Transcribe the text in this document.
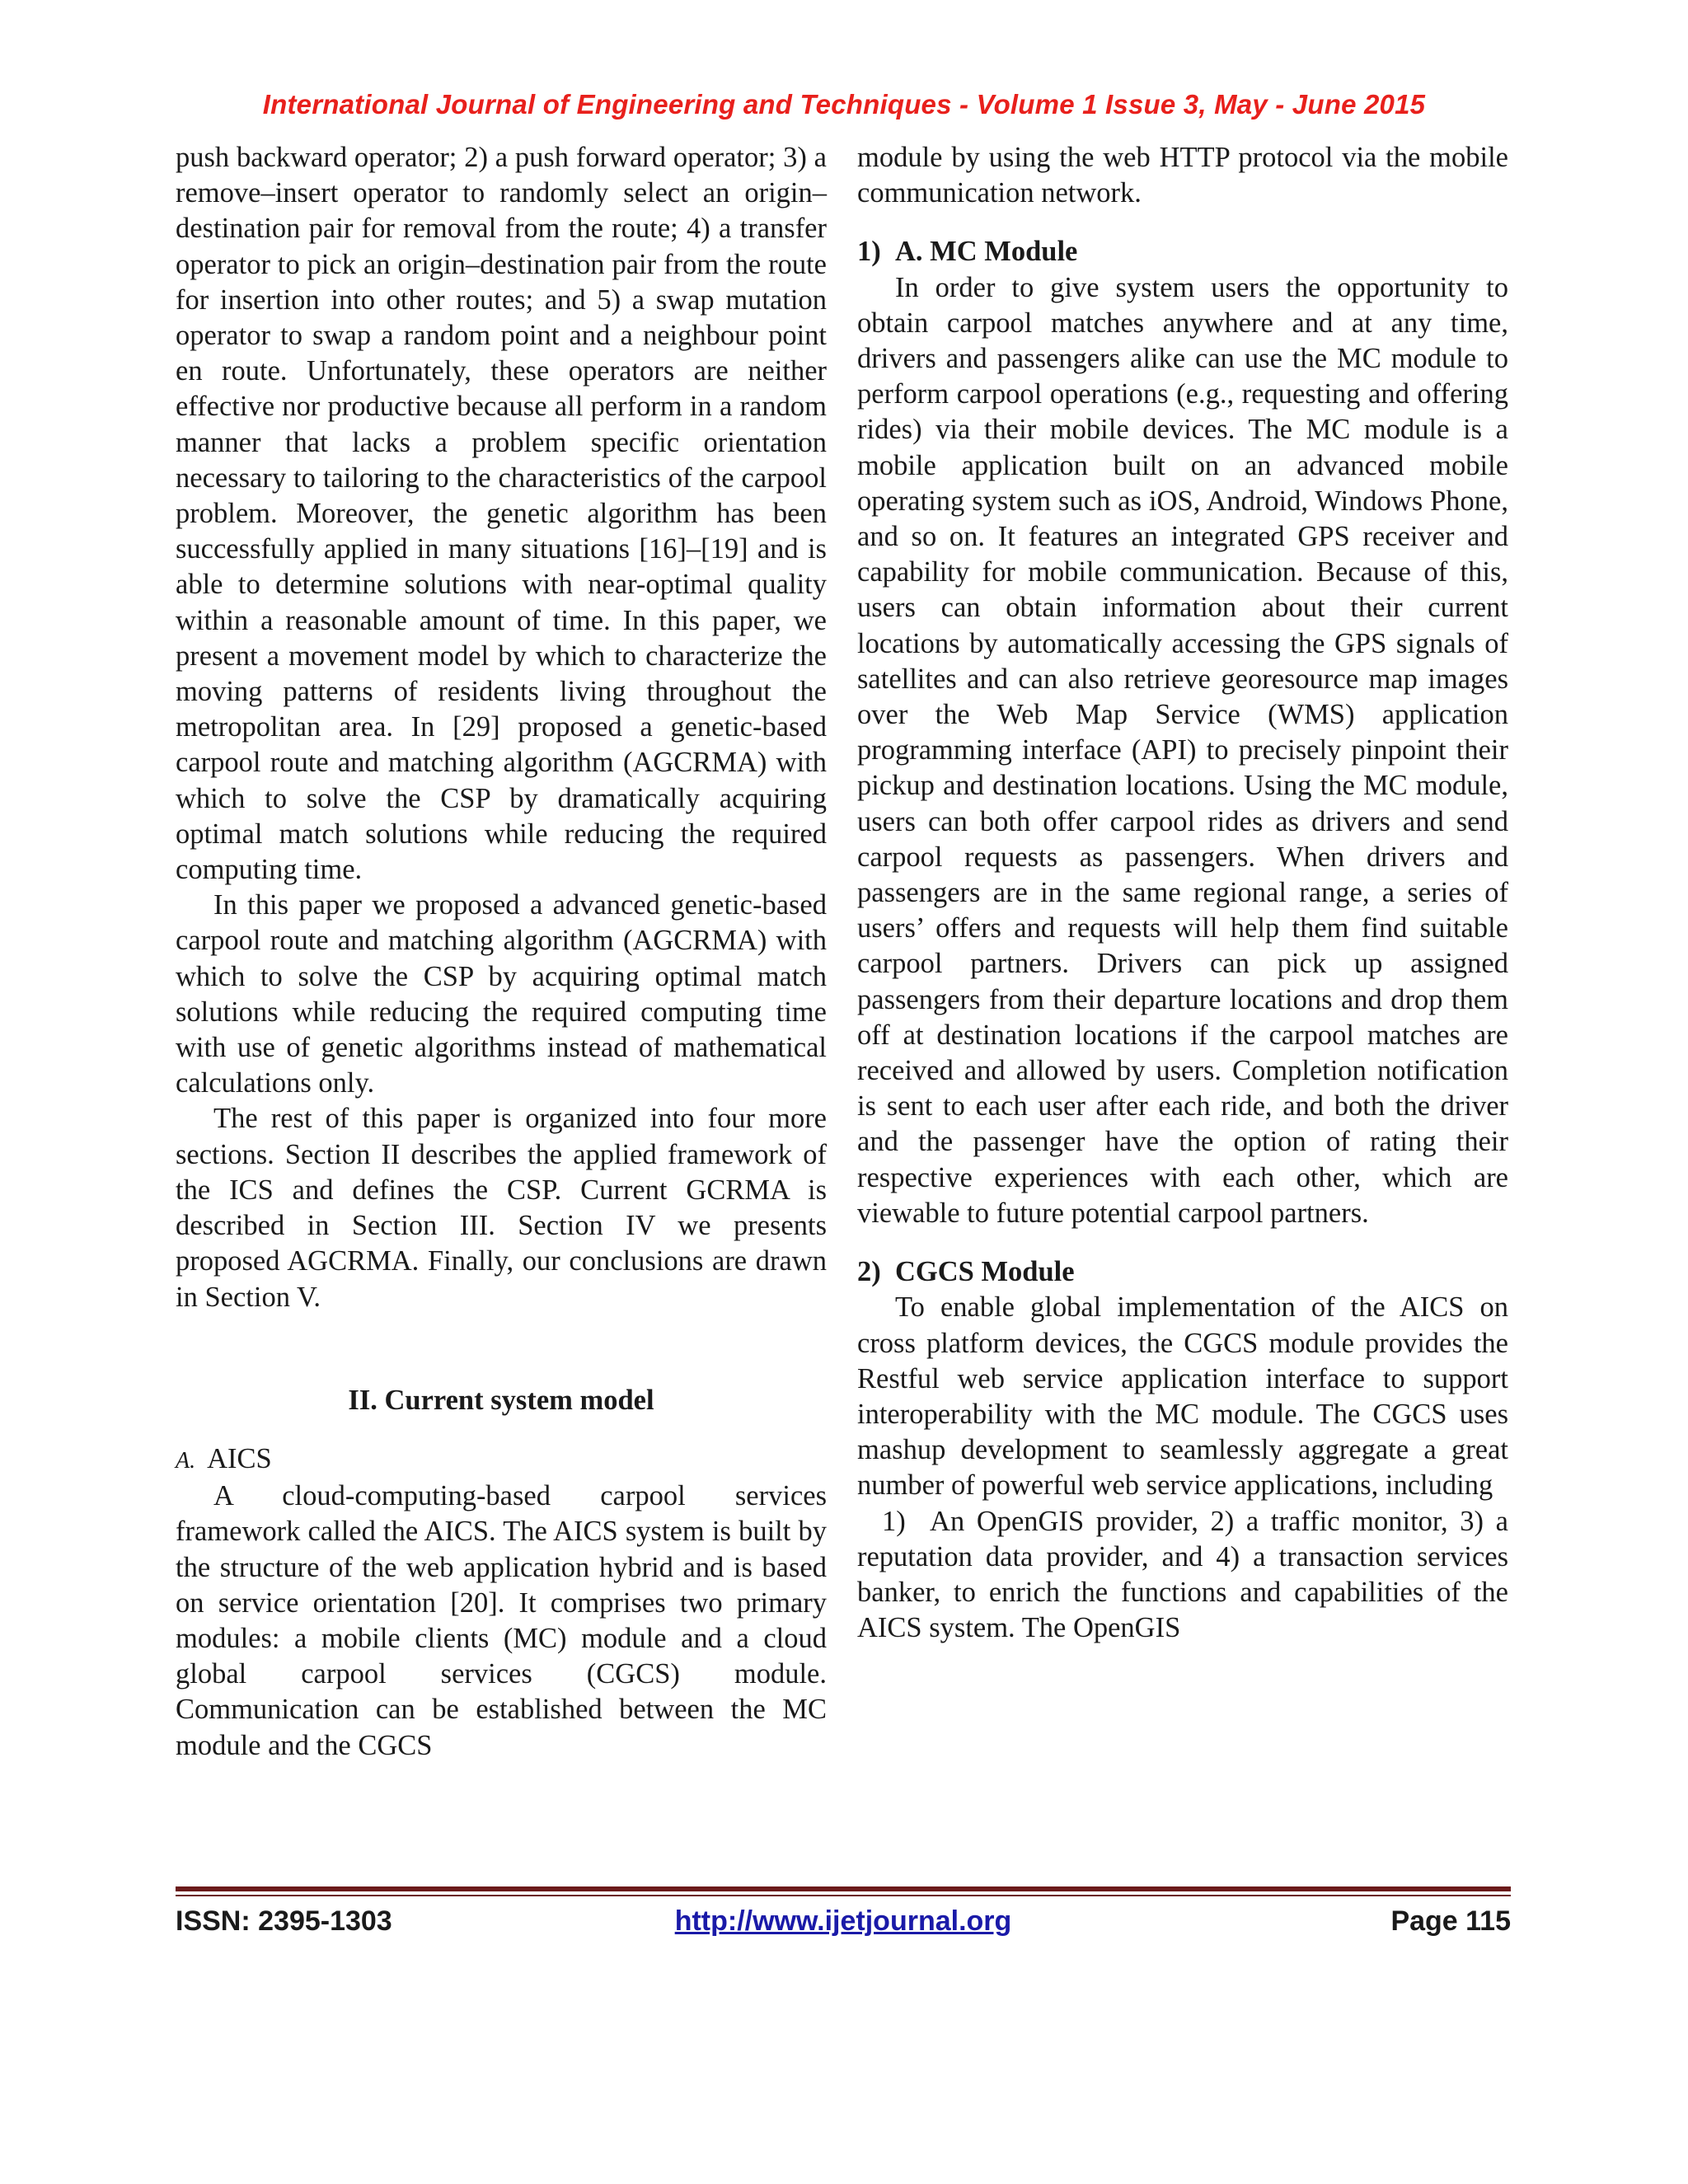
International Journal of Engineering and Techniques - Volume 1 Issue 3, May - June 2015

push backward operator; 2) a push forward operator; 3) a remove–insert operator to randomly select an origin–destination pair for removal from the route; 4) a transfer operator to pick an origin–destination pair from the route for insertion into other routes; and 5) a swap mutation operator to swap a random point and a neighbour point en route. Unfortunately, these operators are neither effective nor productive because all perform in a random manner that lacks a problem specific orientation necessary to tailoring to the characteristics of the carpool problem. Moreover, the genetic algorithm has been successfully applied in many situations [16]–[19] and is able to determine solutions with near-optimal quality within a reasonable amount of time. In this paper, we present a movement model by which to characterize the moving patterns of residents living throughout the metropolitan area. In [29] proposed a genetic-based carpool route and matching algorithm (AGCRMA) with which to solve the CSP by dramatically acquiring optimal match solutions while reducing the required computing time.

In this paper we proposed a advanced genetic-based carpool route and matching algorithm (AGCRMA) with which to solve the CSP by acquiring optimal match solutions while reducing the required computing time with use of genetic algorithms instead of mathematical calculations only.

The rest of this paper is organized into four more sections. Section II describes the applied framework of the ICS and defines the CSP. Current GCRMA is described in Section III. Section IV we presents proposed AGCRMA. Finally, our conclusions are drawn in Section V.

II. Current system model

A. AICS

A cloud-computing-based carpool services framework called the AICS. The AICS system is built by the structure of the web application hybrid and is based on service orientation [20]. It comprises two primary modules: a mobile clients (MC) module and a cloud global carpool services (CGCS) module. Communication can be established between the MC module and the CGCS

module by using the web HTTP protocol via the mobile communication network.

1)  A. MC Module

In order to give system users the opportunity to obtain carpool matches anywhere and at any time, drivers and passengers alike can use the MC module to perform carpool operations (e.g., requesting and offering rides) via their mobile devices. The MC module is a mobile application built on an advanced mobile operating system such as iOS, Android, Windows Phone, and so on. It features an integrated GPS receiver and capability for mobile communication. Because of this, users can obtain information about their current locations by automatically accessing the GPS signals of satellites and can also retrieve georesource map images over the Web Map Service (WMS) application programming interface (API) to precisely pinpoint their pickup and destination locations. Using the MC module, users can both offer carpool rides as drivers and send carpool requests as passengers. When drivers and passengers are in the same regional range, a series of users’ offers and requests will help them find suitable carpool partners. Drivers can pick up assigned passengers from their departure locations and drop them off at destination locations if the carpool matches are received and allowed by users. Completion notification is sent to each user after each ride, and both the driver and the passenger have the option of rating their respective experiences with each other, which are viewable to future potential carpool partners.

2)  CGCS Module

To enable global implementation of the AICS on cross platform devices, the CGCS module provides the Restful web service application interface to support interoperability with the MC module. The CGCS uses mashup development to seamlessly aggregate a great number of powerful web service applications, including

1)  An OpenGIS provider, 2) a traffic monitor, 3) a reputation data provider, and 4) a transaction services banker, to enrich the functions and capabilities of the AICS system. The OpenGIS

ISSN: 2395-1303	http://www.ijetjournal.org	Page 115
